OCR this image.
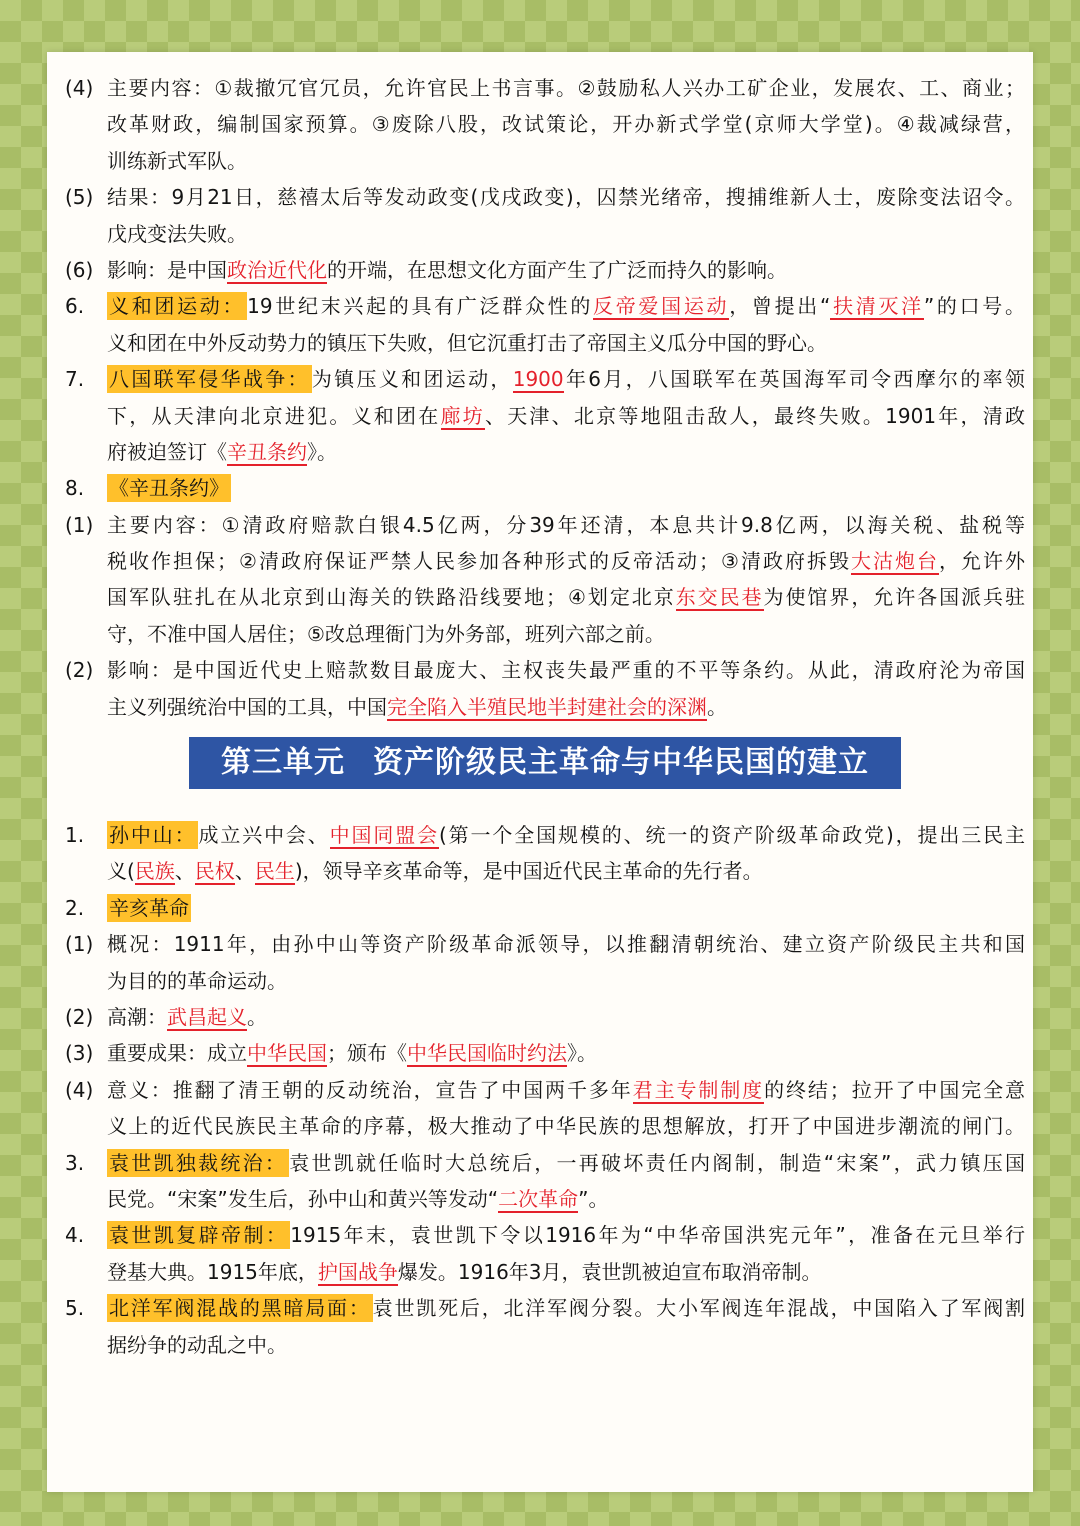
(4) 主要内容：①裁撤冗官冗员，允许官民上书言事。②鼓励私人兴办工矿企业，发展农、工、商业；
改革财政，编制国家预算。③废除八股，改试策论，开办新式学堂(京师大学堂)。④裁减绿营，
训练新式军队。
(5) 结果：9月21日，慈禧太后等发动政变(戊戌政变)，囚禁光绪帝，搜捕维新人士，废除变法诏令。
戊戌变法失败。
(6) 影响：是中国政治近代化的开端，在思想文化方面产生了广泛而持久的影响。
6.	义和团运动： 19世纪末兴起的具有广泛群众性的反帝爱国运动，曾提出“扶清灭洋”的口号。
义和团在中外反动势力的镇压下失败，但它沉重打击了帝国主义瓜分中国的野心。
7.	八国联军侵华战争： 为镇压义和团运动，1900年6月，八国联军在英国海军司令西摩尔的率领
下，从天津向北京进犯。义和团在廊坊、天津、北京等地阻击敌人，最终失败。1901年，清政
府被迫签订《辛丑条约》。
8.	《辛丑条约》
(1) 主要内容：①清政府赔款白银4.5亿两，分39年还清，本息共计9.8亿两，以海关税、盐税等
税收作担保；②清政府保证严禁人民参加各种形式的反帝活动；③清政府拆毁大沽炮台，允许外
国军队驻扎在从北京到山海关的铁路沿线要地；④划定北京东交民巷为使馆界，允许各国派兵驻
守，不准中国人居住；⑤改总理衙门为外务部，班列六部之前。
(2) 影响：是中国近代史上赔款数目最庞大、主权丧失最严重的不平等条约。从此，清政府沦为帝国
主义列强统治中国的工具，中国完全陷入半殖民地半封建社会的深渊。
第三单元 资产阶级民主革命与中华民国的建立
1.	孙中山： 成立兴中会、中国同盟会(第一个全国规模的、统一的资产阶级革命政党)，提出三民主
义(民族、民权、民生)，领导辛亥革命等，是中国近代民主革命的先行者。
2.	辛亥革命
(1) 概况：1911年，由孙中山等资产阶级革命派领导，以推翻清朝统治、建立资产阶级民主共和国
为目的的革命运动。
(2) 高潮：武昌起义。
(3) 重要成果：成立中华民国；颁布《中华民国临时约法》。
(4) 意义：推翻了清王朝的反动统治，宣告了中国两千多年君主专制制度的终结；拉开了中国完全意
义上的近代民族民主革命的序幕，极大推动了中华民族的思想解放，打开了中国进步潮流的闸门。
3.	袁世凯独裁统治： 袁世凯就任临时大总统后，一再破坏责任内阁制，制造“宋案”，武力镇压国
民党。“宋案”发生后，孙中山和黄兴等发动“二次革命”。
4.	袁世凯复辟帝制： 1915年末，袁世凯下令以1916年为“中华帝国洪宪元年”，准备在元旦举行
登基大典。1915年底，护国战争爆发。1916年3月，袁世凯被迫宣布取消帝制。
5.	北洋军阀混战的黑暗局面： 袁世凯死后，北洋军阀分裂。大小军阀连年混战，中国陷入了军阀割
据纷争的动乱之中。
